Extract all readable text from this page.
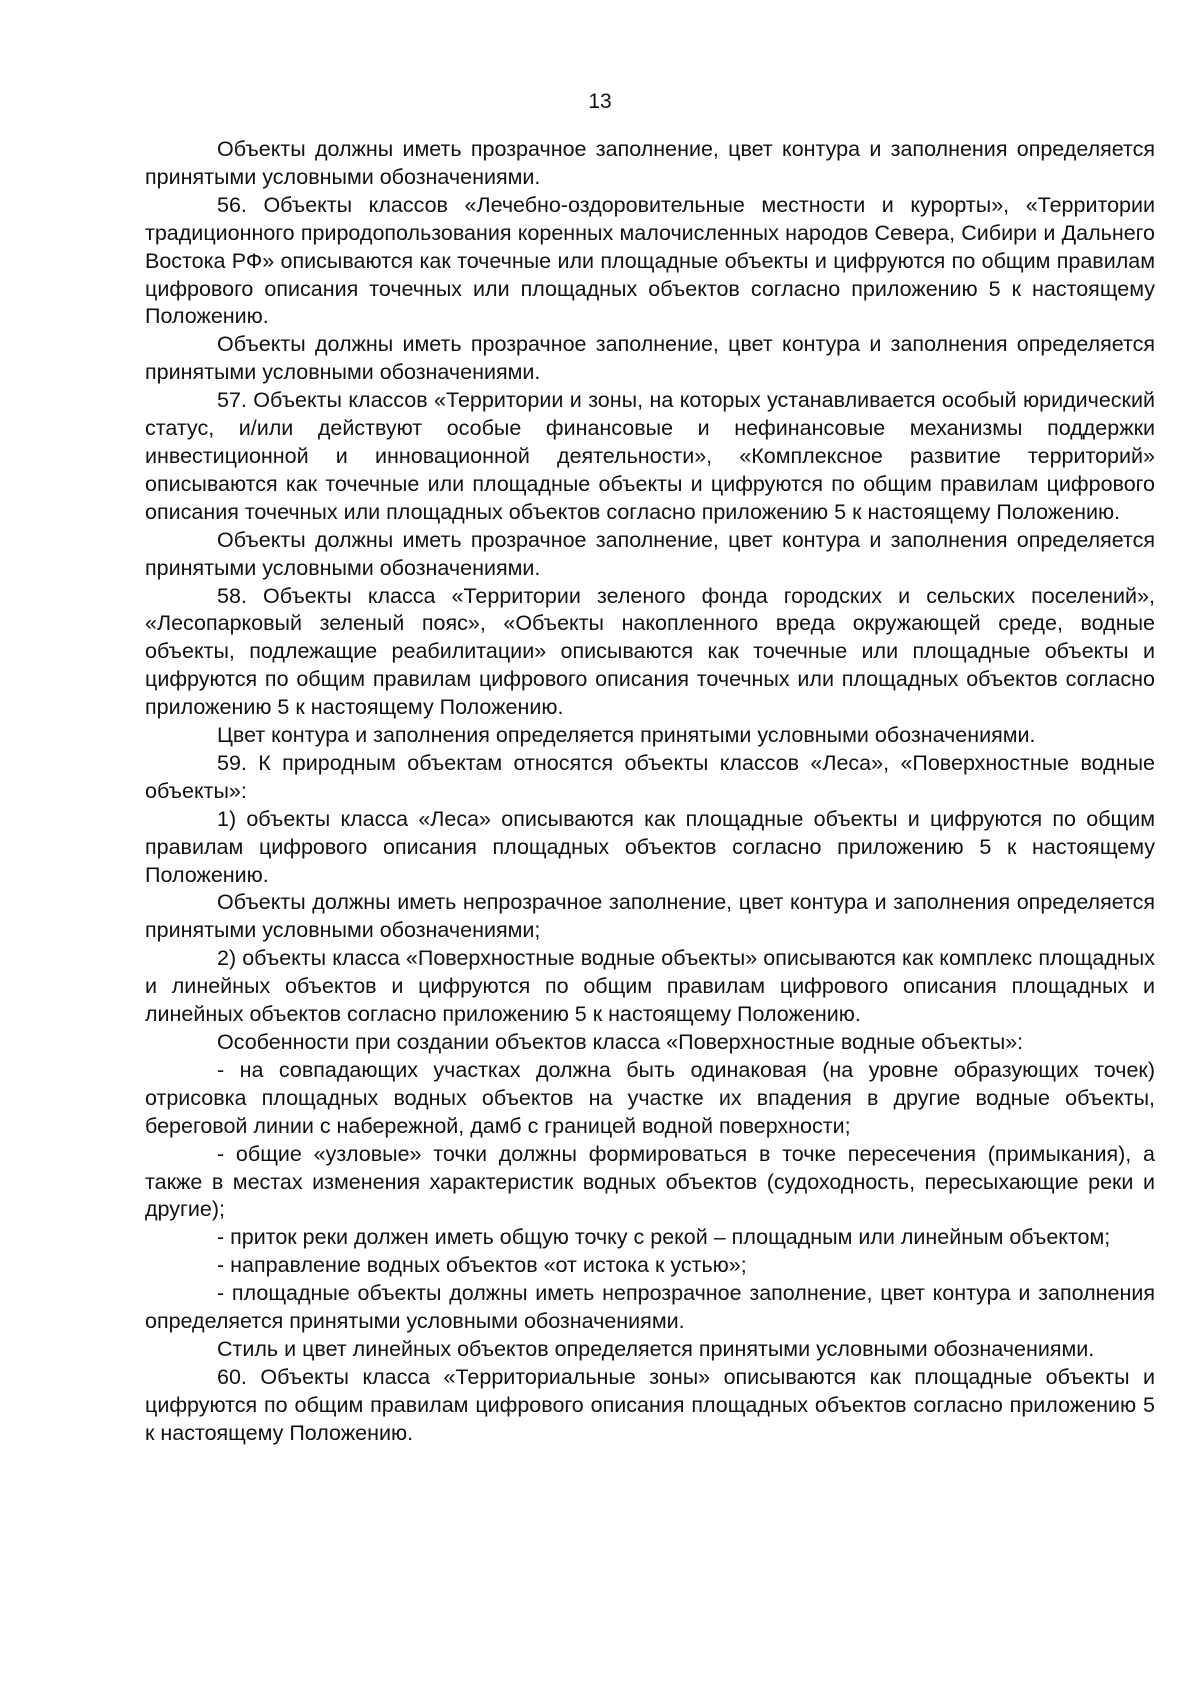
13

Объекты должны иметь прозрачное заполнение, цвет контура и заполнения определяется принятыми условными обозначениями.

56. Объекты классов «Лечебно-оздоровительные местности и курорты», «Территории традиционного природопользования коренных малочисленных народов Севера, Сибири и Дальнего Востока РФ» описываются как точечные или площадные объекты и цифруются по общим правилам цифрового описания точечных или площадных объектов согласно приложению 5 к настоящему Положению.

Объекты должны иметь прозрачное заполнение, цвет контура и заполнения определяется принятыми условными обозначениями.

57. Объекты классов «Территории и зоны, на которых устанавливается особый юридический статус, и/или действуют особые финансовые и нефинансовые механизмы поддержки инвестиционной и инновационной деятельности», «Комплексное развитие территорий» описываются как точечные или площадные объекты и цифруются по общим правилам цифрового описания точечных или площадных объектов согласно приложению 5 к настоящему Положению.

Объекты должны иметь прозрачное заполнение, цвет контура и заполнения определяется принятыми условными обозначениями.

58. Объекты класса «Территории зеленого фонда городских и сельских поселений», «Лесопарковый зеленый пояс», «Объекты накопленного вреда окружающей среде, водные объекты, подлежащие реабилитации» описываются как точечные или площадные объекты и цифруются по общим правилам цифрового описания точечных или площадных объектов согласно приложению 5 к настоящему Положению.

Цвет контура и заполнения определяется принятыми условными обозначениями.

59. К природным объектам относятся объекты классов «Леса», «Поверхностные водные объекты»:

1) объекты класса «Леса» описываются как площадные объекты и цифруются по общим правилам цифрового описания площадных объектов согласно приложению 5 к настоящему Положению.

Объекты должны иметь непрозрачное заполнение, цвет контура и заполнения определяется принятыми условными обозначениями;

2) объекты класса «Поверхностные водные объекты» описываются как комплекс площадных и линейных объектов и цифруются по общим правилам цифрового описания площадных и линейных объектов согласно приложению 5 к настоящему Положению.

Особенности при создании объектов класса «Поверхностные водные объекты»:

- на совпадающих участках должна быть одинаковая (на уровне образующих точек) отрисовка площадных водных объектов на участке их впадения в другие водные объекты, береговой линии с набережной, дамб с границей водной поверхности;

- общие «узловые» точки должны формироваться в точке пересечения (примыкания), а также в местах изменения характеристик водных объектов (судоходность, пересыхающие реки и другие);

- приток реки должен иметь общую точку с рекой – площадным или линейным объектом;

- направление водных объектов «от истока к устью»;

- площадные объекты должны иметь непрозрачное заполнение, цвет контура и заполнения определяется принятыми условными обозначениями.

Стиль и цвет линейных объектов определяется принятыми условными обозначениями.

60. Объекты класса «Территориальные зоны» описываются как площадные объекты и цифруются по общим правилам цифрового описания площадных объектов согласно приложению 5 к настоящему Положению.
